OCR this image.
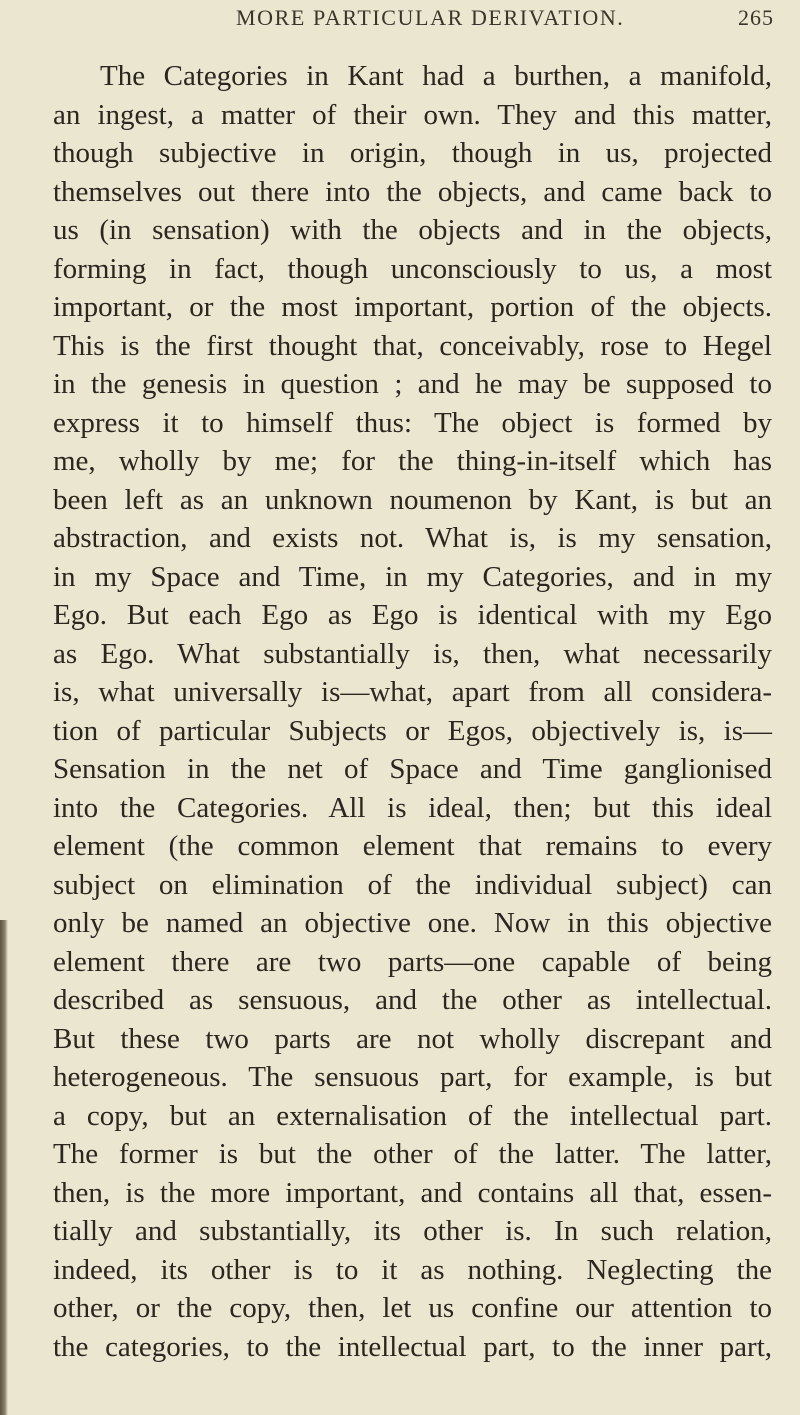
MORE PARTICULAR DERIVATION.	265
The Categories in Kant had a burthen, a manifold,
an ingest, a matter of their own. They and this matter,
though subjective in origin, though in us, projected
themselves out there into the objects, and came back to
us (in sensation) with the objects and in the objects,
forming in fact, though unconsciously to us, a most
important, or the most important, portion of the objects.
This is the first thought that, conceivably, rose to Hegel
in the genesis in question ; and he may be supposed to
express it to himself thus: The object is formed by
me, wholly by me; for the thing-in-itself which has
been left as an unknown noumenon by Kant, is but an
abstraction, and exists not. What is, is my sensation,
in my Space and Time, in my Categories, and in my
Ego. But each Ego as Ego is identical with my Ego
as Ego. What substantially is, then, what necessarily
is, what universally is—what, apart from all considera-
tion of particular Subjects or Egos, objectively is, is—
Sensation in the net of Space and Time ganglionised
into the Categories. All is ideal, then; but this ideal
element (the common element that remains to every
subject on elimination of the individual subject) can
only be named an objective one. Now in this objective
element there are two parts—one capable of being
described as sensuous, and the other as intellectual.
But these two parts are not wholly discrepant and
heterogeneous. The sensuous part, for example, is but
a copy, but an externalisation of the intellectual part.
The former is but the other of the latter. The latter,
then, is the more important, and contains all that, essen-
tially and substantially, its other is. In such relation,
indeed, its other is to it as nothing. Neglecting the
other, or the copy, then, let us confine our attention to
the categories, to the intellectual part, to the inner part,
